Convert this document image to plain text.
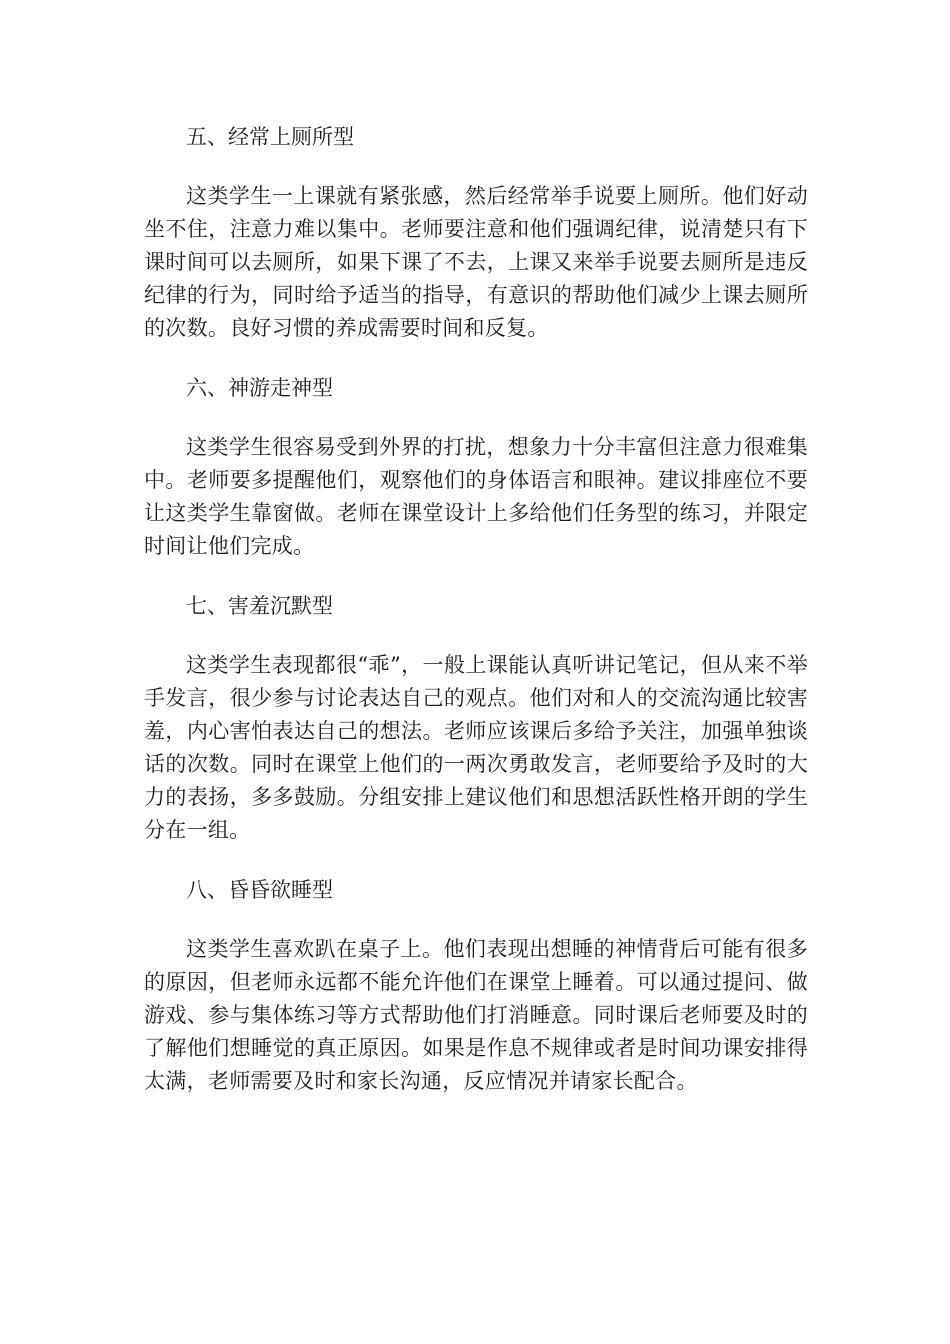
五、经常上厕所型

这类学生一上课就有紧张感，然后经常举手说要上厕所。他们好动坐不住，注意力难以集中。老师要注意和他们强调纪律，说清楚只有下课时间可以去厕所，如果下课了不去，上课又来举手说要去厕所是违反纪律的行为，同时给予适当的指导，有意识的帮助他们减少上课去厕所的次数。良好习惯的养成需要时间和反复。

六、神游走神型

这类学生很容易受到外界的打扰，想象力十分丰富但注意力很难集中。老师要多提醒他们，观察他们的身体语言和眼神。建议排座位不要让这类学生靠窗做。老师在课堂设计上多给他们任务型的练习，并限定时间让他们完成。

七、害羞沉默型

这类学生表现都很“乖”，一般上课能认真听讲记笔记，但从来不举手发言，很少参与讨论表达自己的观点。他们对和人的交流沟通比较害羞，内心害怕表达自己的想法。老师应该课后多给予关注，加强单独谈话的次数。同时在课堂上他们的一两次勇敢发言，老师要给予及时的大力的表扬，多多鼓励。分组安排上建议他们和思想活跃性格开朗的学生分在一组。

八、昏昏欲睡型

这类学生喜欢趴在桌子上。他们表现出想睡的神情背后可能有很多的原因，但老师永远都不能允许他们在课堂上睡着。可以通过提问、做游戏、参与集体练习等方式帮助他们打消睡意。同时课后老师要及时的了解他们想睡觉的真正原因。如果是作息不规律或者是时间功课安排得太满，老师需要及时和家长沟通，反应情况并请家长配合。
